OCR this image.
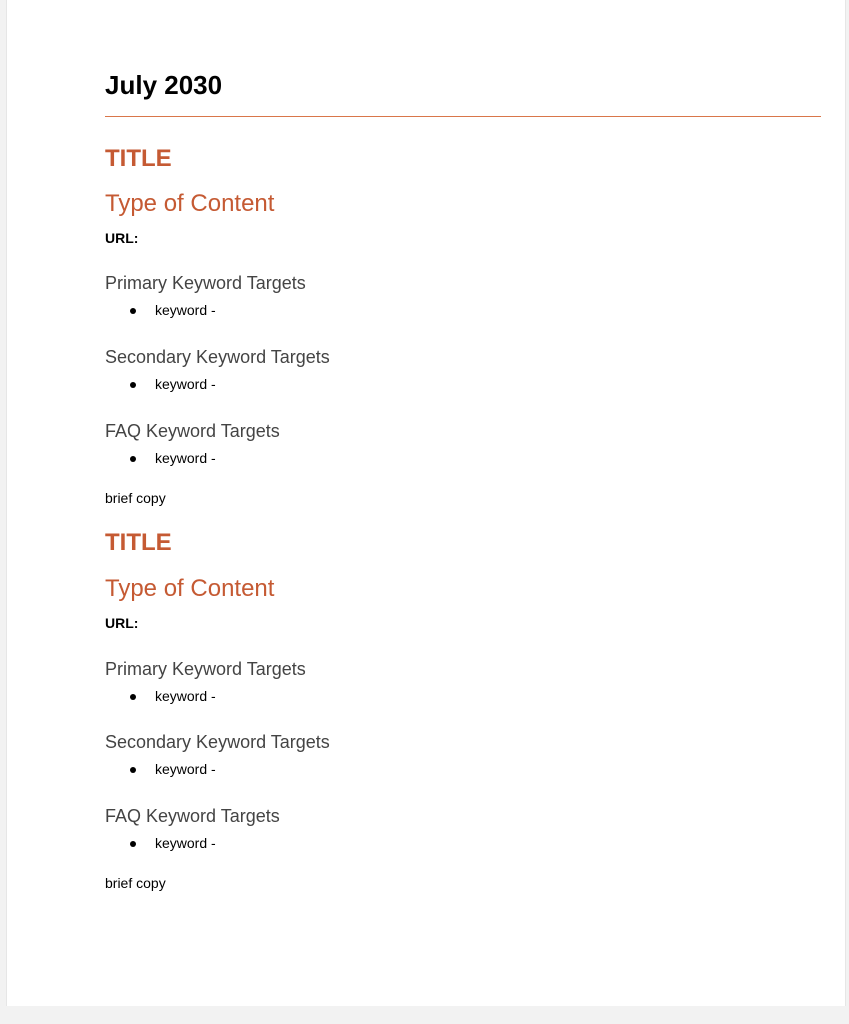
July 2030
TITLE
Type of Content
URL:
Primary Keyword Targets
keyword -
Secondary Keyword Targets
keyword -
FAQ Keyword Targets
keyword -
brief copy
TITLE
Type of Content
URL:
Primary Keyword Targets
keyword -
Secondary Keyword Targets
keyword -
FAQ Keyword Targets
keyword -
brief copy
